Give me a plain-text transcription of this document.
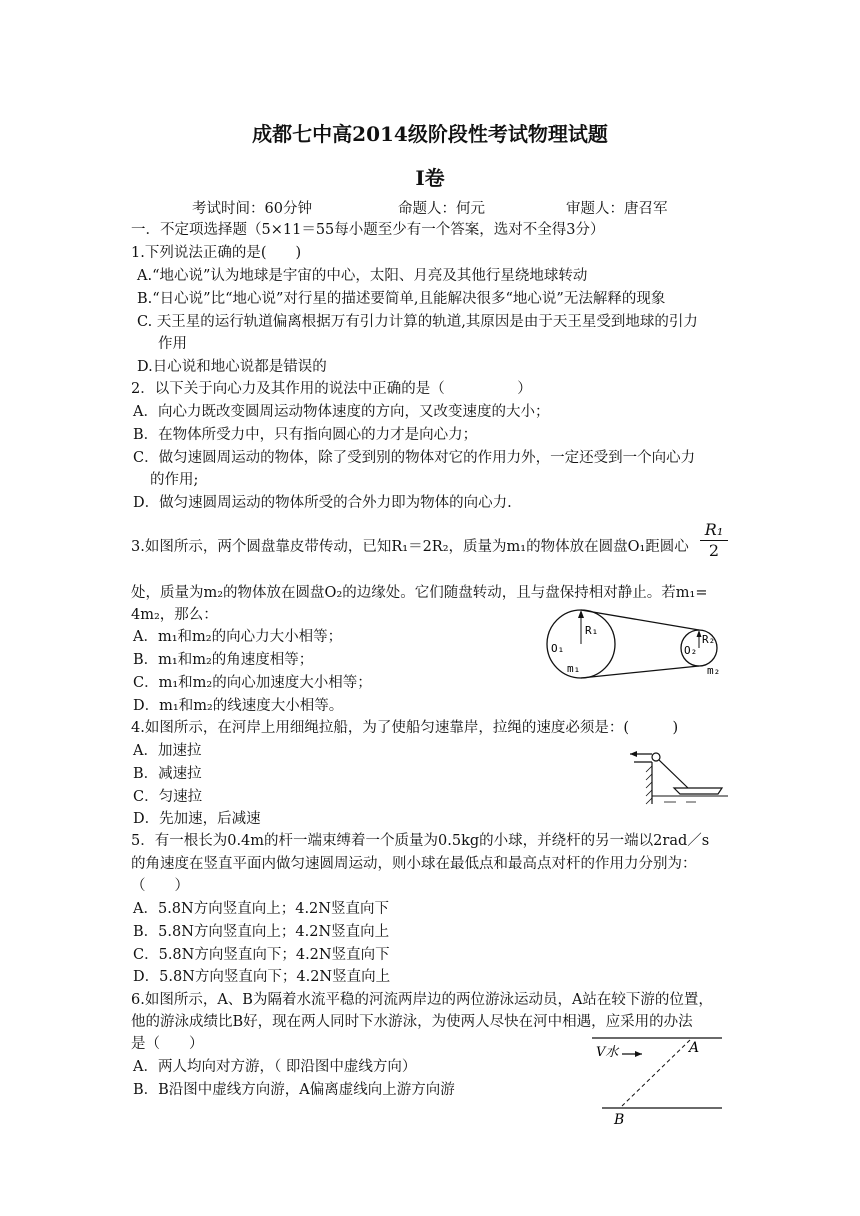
成都七中高2014级阶段性考试物理试题
I卷
考试时间：60分钟	命题人：何元	审题人：唐召军
一．不定项选择题（5×11＝55每小题至少有一个答案，选对不全得3分）
1.下列说法正确的是(　　)
A.“地心说”认为地球是宇宙的中心，太阳、月亮及其他行星绕地球转动
B.“日心说”比“地心说”对行星的描述要简单,且能解决很多“地心说”无法解释的现象
C. 天王星的运行轨道偏离根据万有引力计算的轨道,其原因是由于天王星受到地球的引力
作用
D.日心说和地心说都是错误的
2．以下关于向心力及其作用的说法中正确的是（　　　　　）
A．向心力既改变圆周运动物体速度的方向，又改变速度的大小；
B．在物体所受力中，只有指向圆心的力才是向心力；
C．做匀速圆周运动的物体，除了受到别的物体对它的作用力外，一定还受到一个向心力
的作用;
D．做匀速圆周运动的物体所受的合外力即为物体的向心力.
3.如图所示，两个圆盘靠皮带传动，已知R₁＝2R₂，质量为m₁的物体放在圆盘O₁距圆心 $\frac{\text{R₁}}{2}$
处，质量为m₂的物体放在圆盘O₂的边缘处。它们随盘转动，且与盘保持相对静止。若m₁=
4m₂，那么：
A．m₁和m₂的向心力大小相等；
B．m₁和m₂的角速度相等；
C．m₁和m₂的向心加速度大小相等；
D．m₁和m₂的线速度大小相等。
R₁
R₂
O₁	O₂
m₁	m₂
4.如图所示，在河岸上用细绳拉船，为了使船匀速靠岸，拉绳的速度必须是：(　　　)
A．加速拉
B．减速拉
C．匀速拉
D．先加速，后减速
5．有一根长为0.4m的杆一端束缚着一个质量为0.5kg的小球，并绕杆的另一端以2rad／s
的角速度在竖直平面内做匀速圆周运动，则小球在最低点和最高点对杆的作用力分别为：
（　　）
A．5.8N方向竖直向上；4.2N竖直向下
B．5.8N方向竖直向上；4.2N竖直向上
C．5.8N方向竖直向下；4.2N竖直向下
D．5.8N方向竖直向下；4.2N竖直向上
6.如图所示，A、B为隔着水流平稳的河流两岸边的两位游泳运动员，A站在较下游的位置，
他的游泳成绩比B好，现在两人同时下水游泳，为使两人尽快在河中相遇，应采用的办法
是（　　）
A．两人均向对方游，（ 即沿图中虚线方向）
B．B沿图中虚线方向游，A偏离虚线向上游方向游
V水	A
B
